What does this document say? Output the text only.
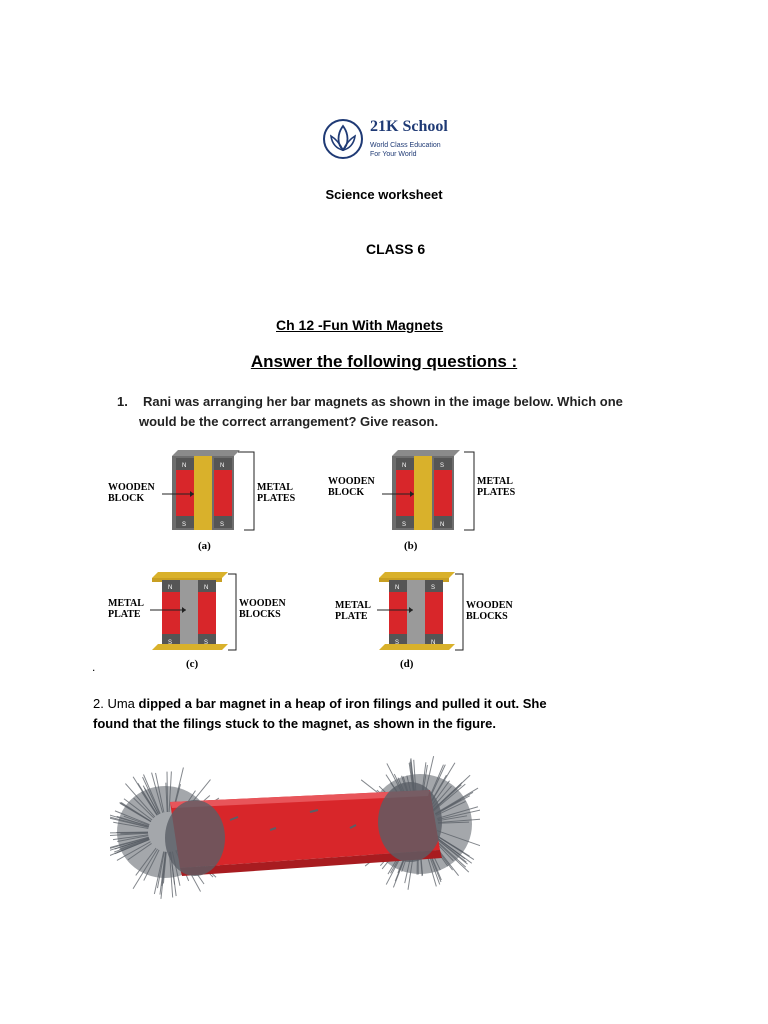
21K School
World Class Education
For Your World
Science worksheet
CLASS 6
Ch 12 -Fun With Magnets
Answer the following questions :
1. Rani was arranging her bar magnets as shown in the image below. Which one
would be the correct arrangement? Give reason.
N	N
S	S
WOODEN
BLOCK
METAL
PLATES
(a)
N	S
S	N
WOODEN
BLOCK
METAL
PLATES
(b)
N	N
S	S
METAL
PLATE
WOODEN
BLOCKS
(c)
N	S
S	N
METAL
PLATE
WOODEN
BLOCKS
(d)
.
2. Uma dipped a bar magnet in a heap of iron filings and pulled it out. She
found that the filings stuck to the magnet, as shown in the figure.
